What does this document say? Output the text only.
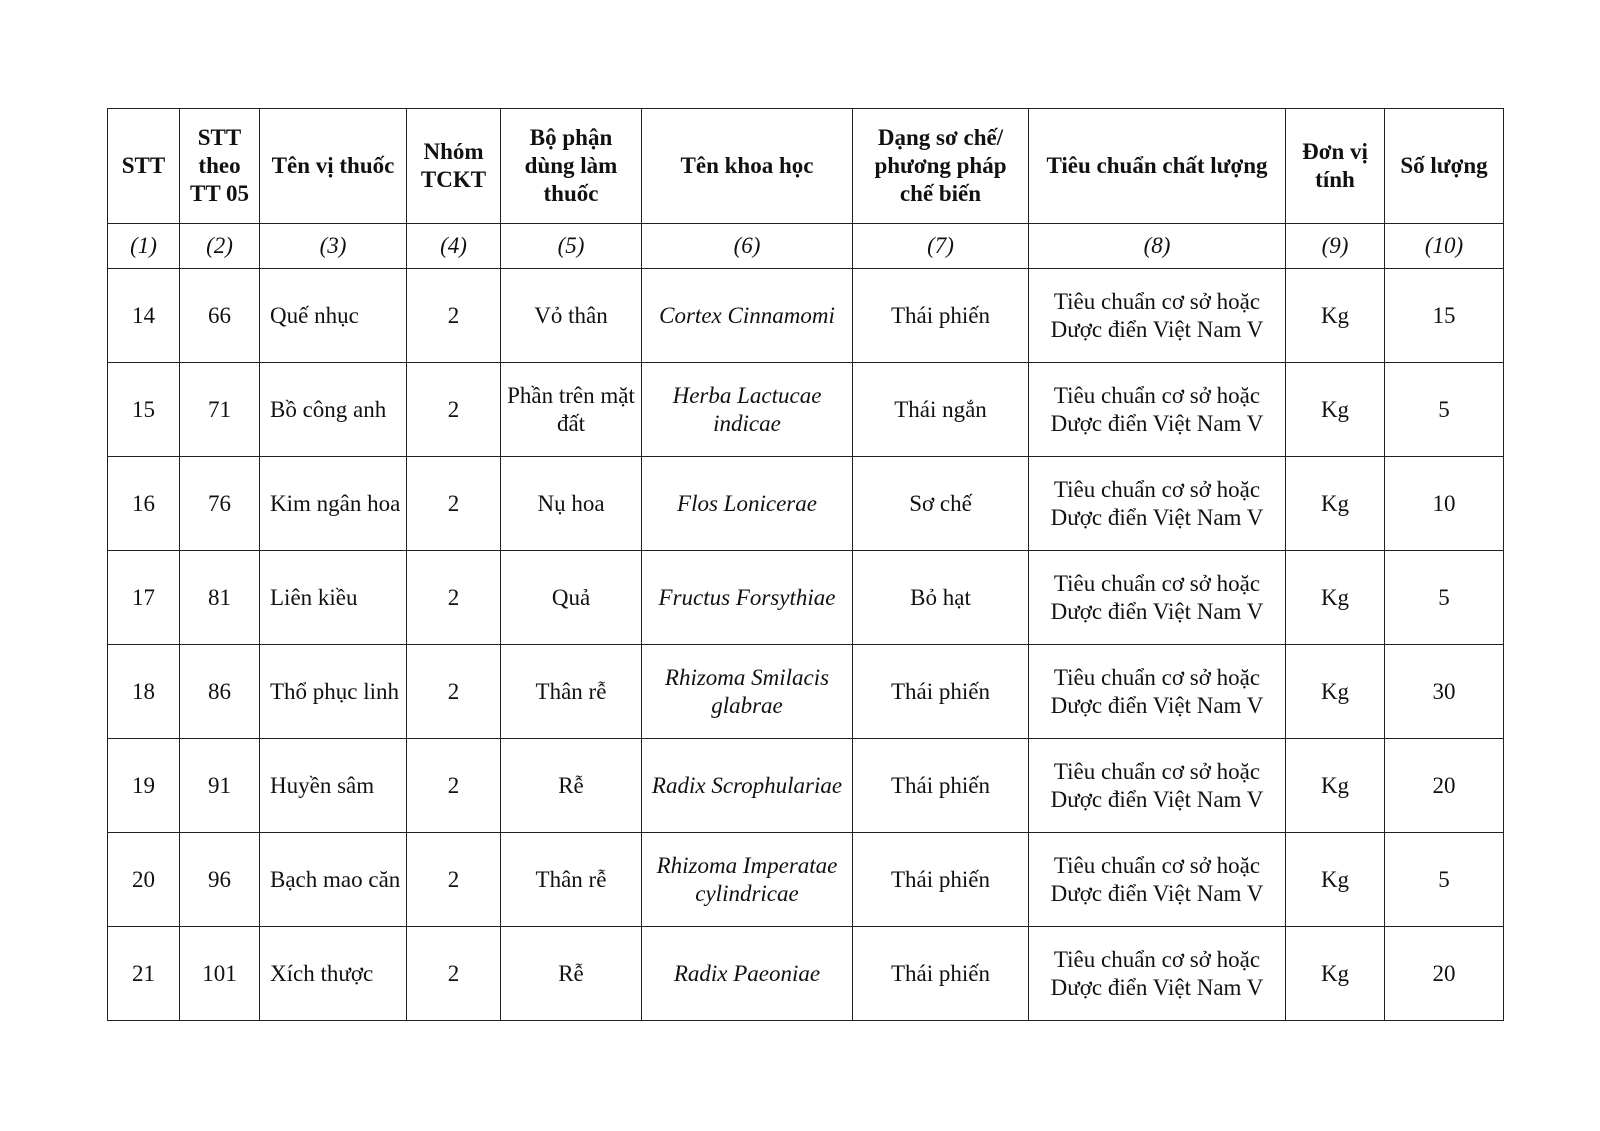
STT	STT theo TT 05	Tên vị thuốc	Nhóm TCKT	Bộ phận dùng làm thuốc	Tên khoa học	Dạng sơ chế/ phương pháp chế biến	Tiêu chuẩn chất lượng	Đơn vị tính	Số lượng
(1)	(2)	(3)	(4)	(5)	(6)	(7)	(8)	(9)	(10)
14	66	Quế nhục	2	Vỏ thân	Cortex Cinnamomi	Thái phiến	Tiêu chuẩn cơ sở hoặc Dược điển Việt Nam V	Kg	15
15	71	Bồ công anh	2	Phần trên mặt đất	Herba Lactucae indicae	Thái ngắn	Tiêu chuẩn cơ sở hoặc Dược điển Việt Nam V	Kg	5
16	76	Kim ngân hoa	2	Nụ hoa	Flos Lonicerae	Sơ chế	Tiêu chuẩn cơ sở hoặc Dược điển Việt Nam V	Kg	10
17	81	Liên kiều	2	Quả	Fructus Forsythiae	Bỏ hạt	Tiêu chuẩn cơ sở hoặc Dược điển Việt Nam V	Kg	5
18	86	Thổ phục linh	2	Thân rễ	Rhizoma Smilacis glabrae	Thái phiến	Tiêu chuẩn cơ sở hoặc Dược điển Việt Nam V	Kg	30
19	91	Huyền sâm	2	Rễ	Radix Scrophulariae	Thái phiến	Tiêu chuẩn cơ sở hoặc Dược điển Việt Nam V	Kg	20
20	96	Bạch mao căn	2	Thân rễ	Rhizoma Imperatae cylindricae	Thái phiến	Tiêu chuẩn cơ sở hoặc Dược điển Việt Nam V	Kg	5
21	101	Xích thược	2	Rễ	Radix Paeoniae	Thái phiến	Tiêu chuẩn cơ sở hoặc Dược điển Việt Nam V	Kg	20
